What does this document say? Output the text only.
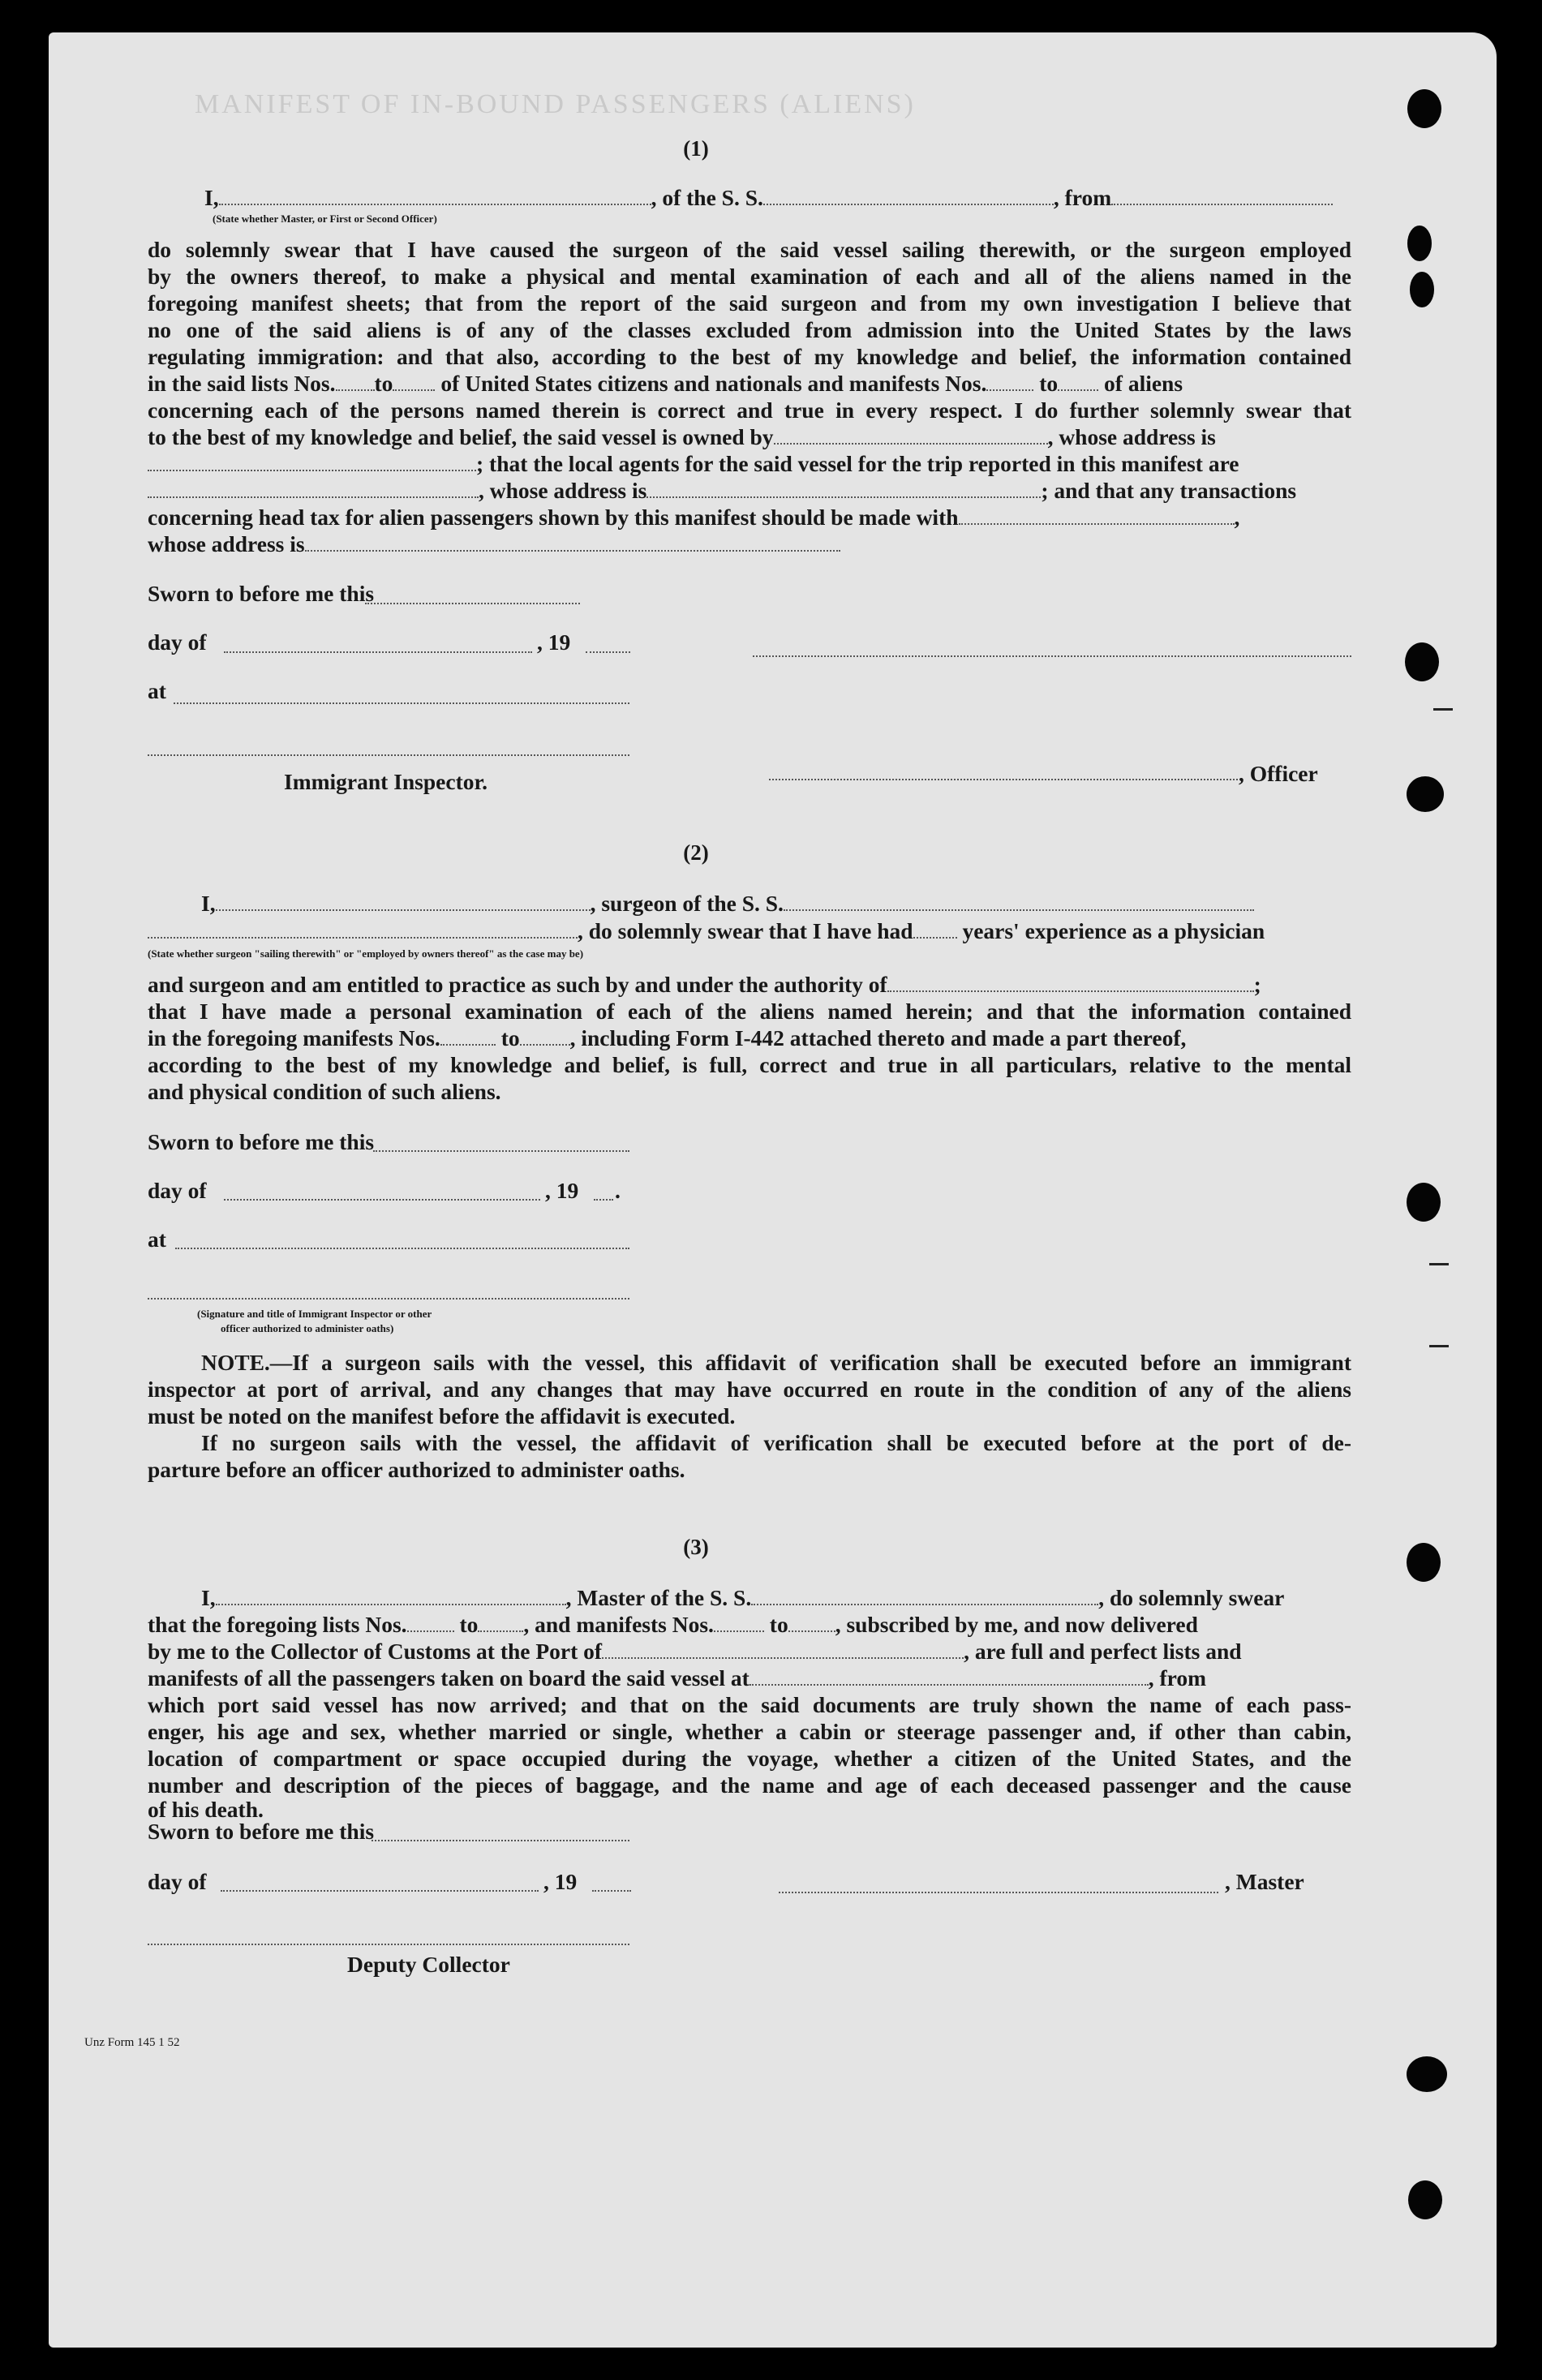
MANIFEST OF IN-BOUND PASSENGERS (ALIENS)
(1)
I,	, of the S. S.	, from
(State whether Master, or First or Second Officer)
do solemnly swear that I have caused the surgeon of the said vessel sailing therewith, or the surgeon employed
by the owners thereof, to make a physical and mental examination of each and all of the aliens named in the
foregoing manifest sheets; that from the report of the said surgeon and from my own investigation I believe that
no one of the said aliens is of any of the classes excluded from admission into the United States by the laws
regulating immigration: and that also, according to the best of my knowledge and belief, the information contained
in the said lists Nos. to of United States citizens and nationals and manifests Nos. to of aliens
concerning each of the persons named therein is correct and true in every respect. I do further solemnly swear that
to the best of my knowledge and belief, the said vessel is owned by	, whose address is
; that the local agents for the said vessel for the trip reported in this manifest are
, whose address is	; and that any transactions
concerning head tax for alien passengers shown by this manifest should be made with	,
whose address is
Sworn to before me this
day of	, 19
at
, Officer
Immigrant Inspector.
(2)
I,	, surgeon of the S. S.
, do solemnly swear that I have had years' experience as a physician
(State whether surgeon "sailing therewith" or "employed by owners thereof" as the case may be)
and surgeon and am entitled to practice as such by and under the authority of	;
that I have made a personal examination of each of the aliens named herein; and that the information contained
in the foregoing manifests Nos.	to , including Form I-442 attached thereto and made a part thereof,
according to the best of my knowledge and belief, is full, correct and true in all particulars, relative to the mental
and physical condition of such aliens.
Sworn to before me this
day of	, 19 .
at
(Signature and title of Immigrant Inspector or other
officer authorized to administer oaths)
NOTE.—If a surgeon sails with the vessel, this affidavit of verification shall be executed before an immigrant
inspector at port of arrival, and any changes that may have occurred en route in the condition of any of the aliens
must be noted on the manifest before the affidavit is executed.
If no surgeon sails with the vessel, the affidavit of verification shall be executed before at the port of de-
parture before an officer authorized to administer oaths.
(3)
I,	, Master of the S. S.	, do solemnly swear
that the foregoing lists Nos. to , and manifests Nos.	to , subscribed by me, and now delivered
by me to the Collector of Customs at the Port of	, are full and perfect lists and
manifests of all the passengers taken on board the said vessel at	, from
which port said vessel has now arrived; and that on the said documents are truly shown the name of each pass-
enger, his age and sex, whether married or single, whether a cabin or steerage passenger and, if other than cabin,
location of compartment or space occupied during the voyage, whether a citizen of the United States, and the
number and description of the pieces of baggage, and the name and age of each deceased passenger and the cause
of his death.
Sworn to before me this
day of	, 19	, Master
Deputy Collector
Unz Form 145 1 52
